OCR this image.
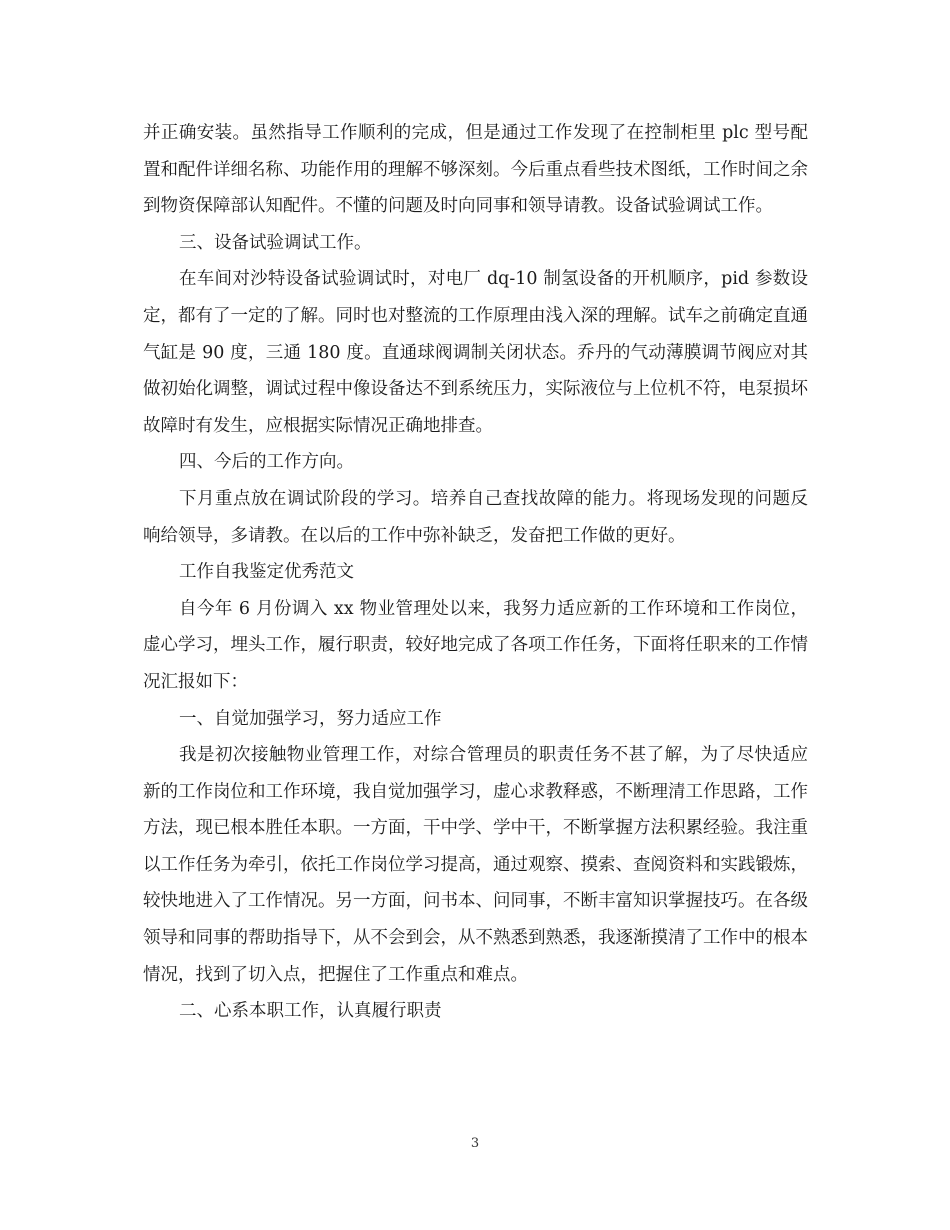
并正确安装。虽然指导工作顺利的完成，但是通过工作发现了在控制柜里 plc 型号配置和配件详细名称、功能作用的理解不够深刻。今后重点看些技术图纸，工作时间之余到物资保障部认知配件。不懂的问题及时向同事和领导请教。设备试验调试工作。

三、设备试验调试工作。

在车间对沙特设备试验调试时，对电厂 dq-10 制氢设备的开机顺序，pid 参数设定，都有了一定的了解。同时也对整流的工作原理由浅入深的理解。试车之前确定直通气缸是 90 度，三通 180 度。直通球阀调制关闭状态。乔丹的气动薄膜调节阀应对其做初始化调整，调试过程中像设备达不到系统压力，实际液位与上位机不符，电泵损坏故障时有发生，应根据实际情况正确地排查。

四、今后的工作方向。

下月重点放在调试阶段的学习。培养自己查找故障的能力。将现场发现的问题反响给领导，多请教。在以后的工作中弥补缺乏，发奋把工作做的更好。

工作自我鉴定优秀范文

自今年 6 月份调入 xx 物业管理处以来，我努力适应新的工作环境和工作岗位，虚心学习，埋头工作，履行职责，较好地完成了各项工作任务，下面将任职来的工作情况汇报如下：

一、自觉加强学习，努力适应工作

我是初次接触物业管理工作，对综合管理员的职责任务不甚了解，为了尽快适应新的工作岗位和工作环境，我自觉加强学习，虚心求教释惑，不断理清工作思路，工作方法，现已根本胜任本职。一方面，干中学、学中干，不断掌握方法积累经验。我注重以工作任务为牵引，依托工作岗位学习提高，通过观察、摸索、查阅资料和实践锻炼，较快地进入了工作情况。另一方面，问书本、问同事，不断丰富知识掌握技巧。在各级领导和同事的帮助指导下，从不会到会，从不熟悉到熟悉，我逐渐摸清了工作中的根本情况，找到了切入点，把握住了工作重点和难点。

二、心系本职工作，认真履行职责

3
